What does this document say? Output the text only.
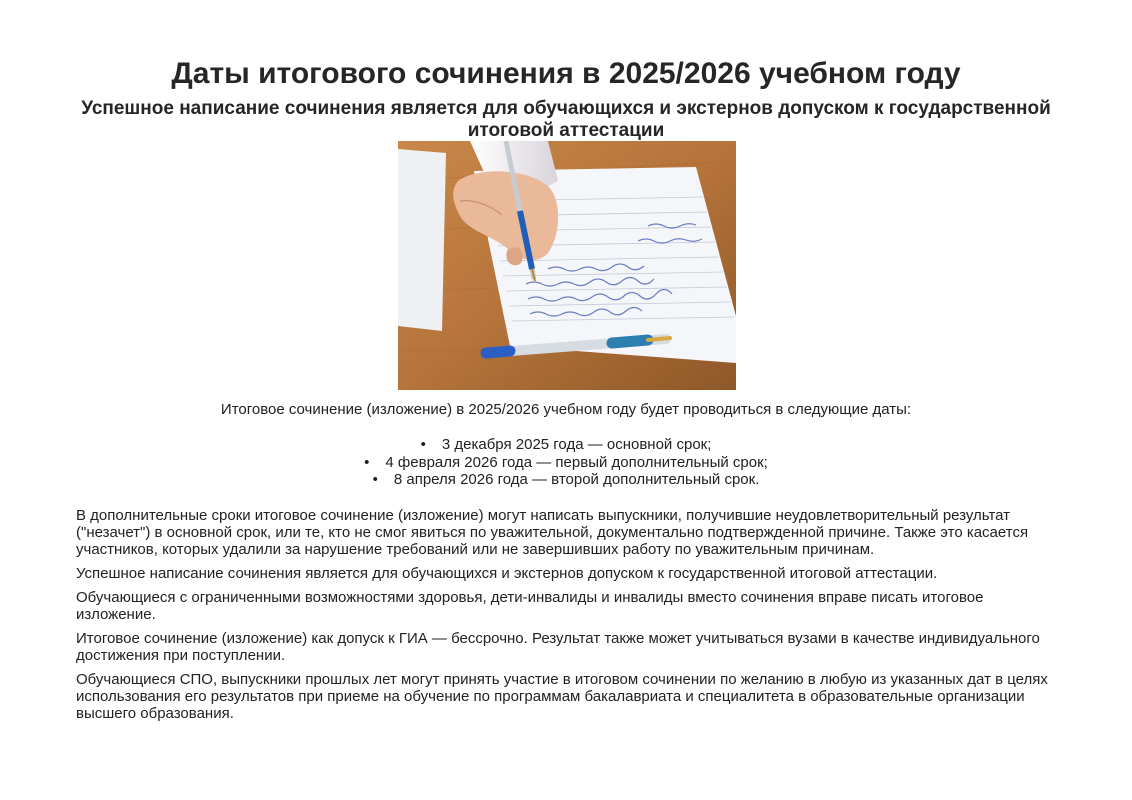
Даты итогового сочинения в 2025/2026 учебном году
Успешное написание сочинения является для обучающихся и экстернов допуском к государственной итоговой аттестации

Итоговое сочинение (изложение) в 2025/2026 учебном году будет проводиться в следующие даты:

• 3 декабря 2025 года — основной срок;
• 4 февраля 2026 года — первый дополнительный срок;
• 8 апреля 2026 года — второй дополнительный срок.

В дополнительные сроки итоговое сочинение (изложение) могут написать выпускники, получившие неудовлетворительный результат ("незачет") в основной срок, или те, кто не смог явиться по уважительной, документально подтвержденной причине. Также это касается участников, которых удалили за нарушение требований или не завершивших работу по уважительным причинам.

Успешное написание сочинения является для обучающихся и экстернов допуском к государственной итоговой аттестации.

Обучающиеся с ограниченными возможностями здоровья, дети-инвалиды и инвалиды вместо сочинения вправе писать итоговое изложение.

Итоговое сочинение (изложение) как допуск к ГИА — бессрочно. Результат также может учитываться вузами в качестве индивидуального достижения при поступлении.

Обучающиеся СПО, выпускники прошлых лет могут принять участие в итоговом сочинении по желанию в любую из указанных дат в целях использования его результатов при приеме на обучение по программам бакалавриата и специалитета в образовательные организации высшего образования.
